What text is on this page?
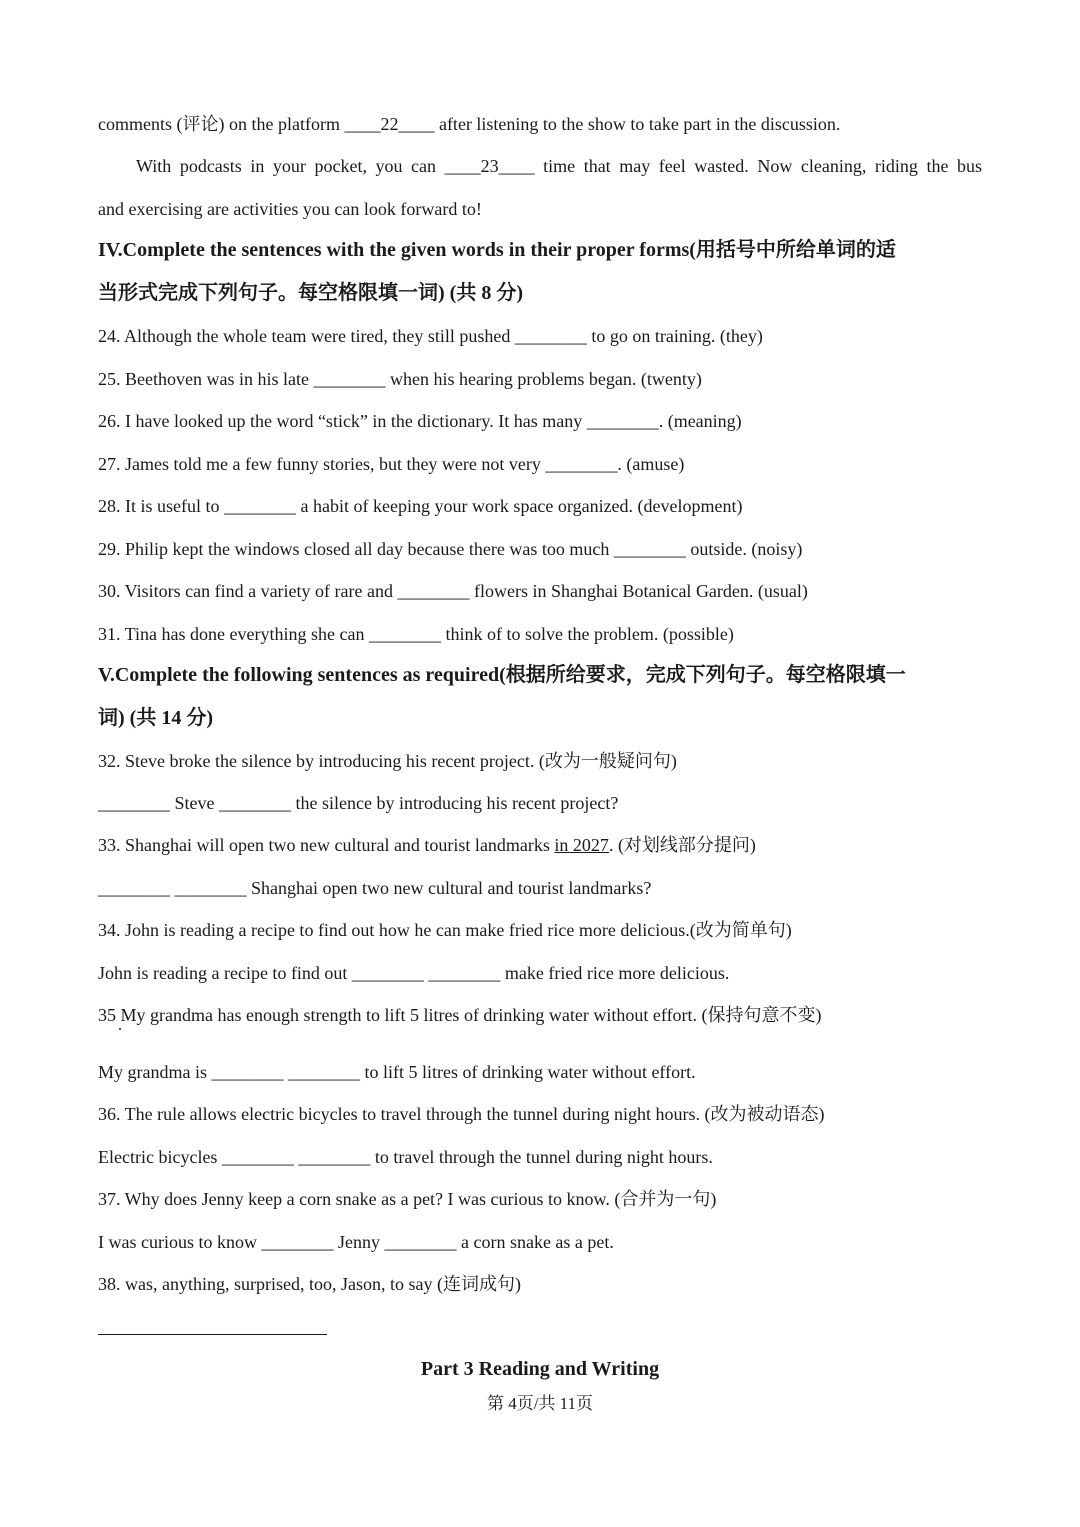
comments (评论) on the platform ____22____ after listening to the show to take part in the discussion.
With podcasts in your pocket, you can ____23____ time that may feel wasted. Now cleaning, riding the bus
and exercising are activities you can look forward to!
IV.Complete the sentences with the given words in their proper forms(用括号中所给单词的适
当形式完成下列句子。每空格限填一词) (共 8 分)
24. Although the whole team were tired, they still pushed ________ to go on training. (they)
25. Beethoven was in his late ________ when his hearing problems began. (twenty)
26. I have looked up the word “stick” in the dictionary. It has many ________. (meaning)
27. James told me a few funny stories, but they were not very ________. (amuse)
28. It is useful to ________ a habit of keeping your work space organized. (development)
29. Philip kept the windows closed all day because there was too much ________ outside. (noisy)
30. Visitors can find a variety of rare and ________ flowers in Shanghai Botanical Garden. (usual)
31. Tina has done everything she can ________ think of to solve the problem. (possible)
V.Complete the following sentences as required(根据所给要求，完成下列句子。每空格限填一
词) (共 14 分)
32. Steve broke the silence by introducing his recent project. (改为一般疑问句)
________ Steve ________ the silence by introducing his recent project?
33. Shanghai will open two new cultural and tourist landmarks in 2027. (对划线部分提问)
________ ________ Shanghai open two new cultural and tourist landmarks?
34. John is reading a recipe to find out how he can make fried rice more delicious.(改为简单句)
John is reading a recipe to find out ________ ________ make fried rice more delicious.
35 My grandma has enough strength to lift 5 litres of drinking water without effort. (保持句意不变)
My grandma is ________ ________ to lift 5 litres of drinking water without effort.
36. The rule allows electric bicycles to travel through the tunnel during night hours. (改为被动语态)
Electric bicycles ________ ________ to travel through the tunnel during night hours.
37. Why does Jenny keep a corn snake as a pet? I was curious to know. (合并为一句)
I was curious to know ________ Jenny ________ a corn snake as a pet.
38. was, anything, surprised, too, Jason, to say (连词成句)
Part 3 Reading and Writing
第 4页/共 11页
